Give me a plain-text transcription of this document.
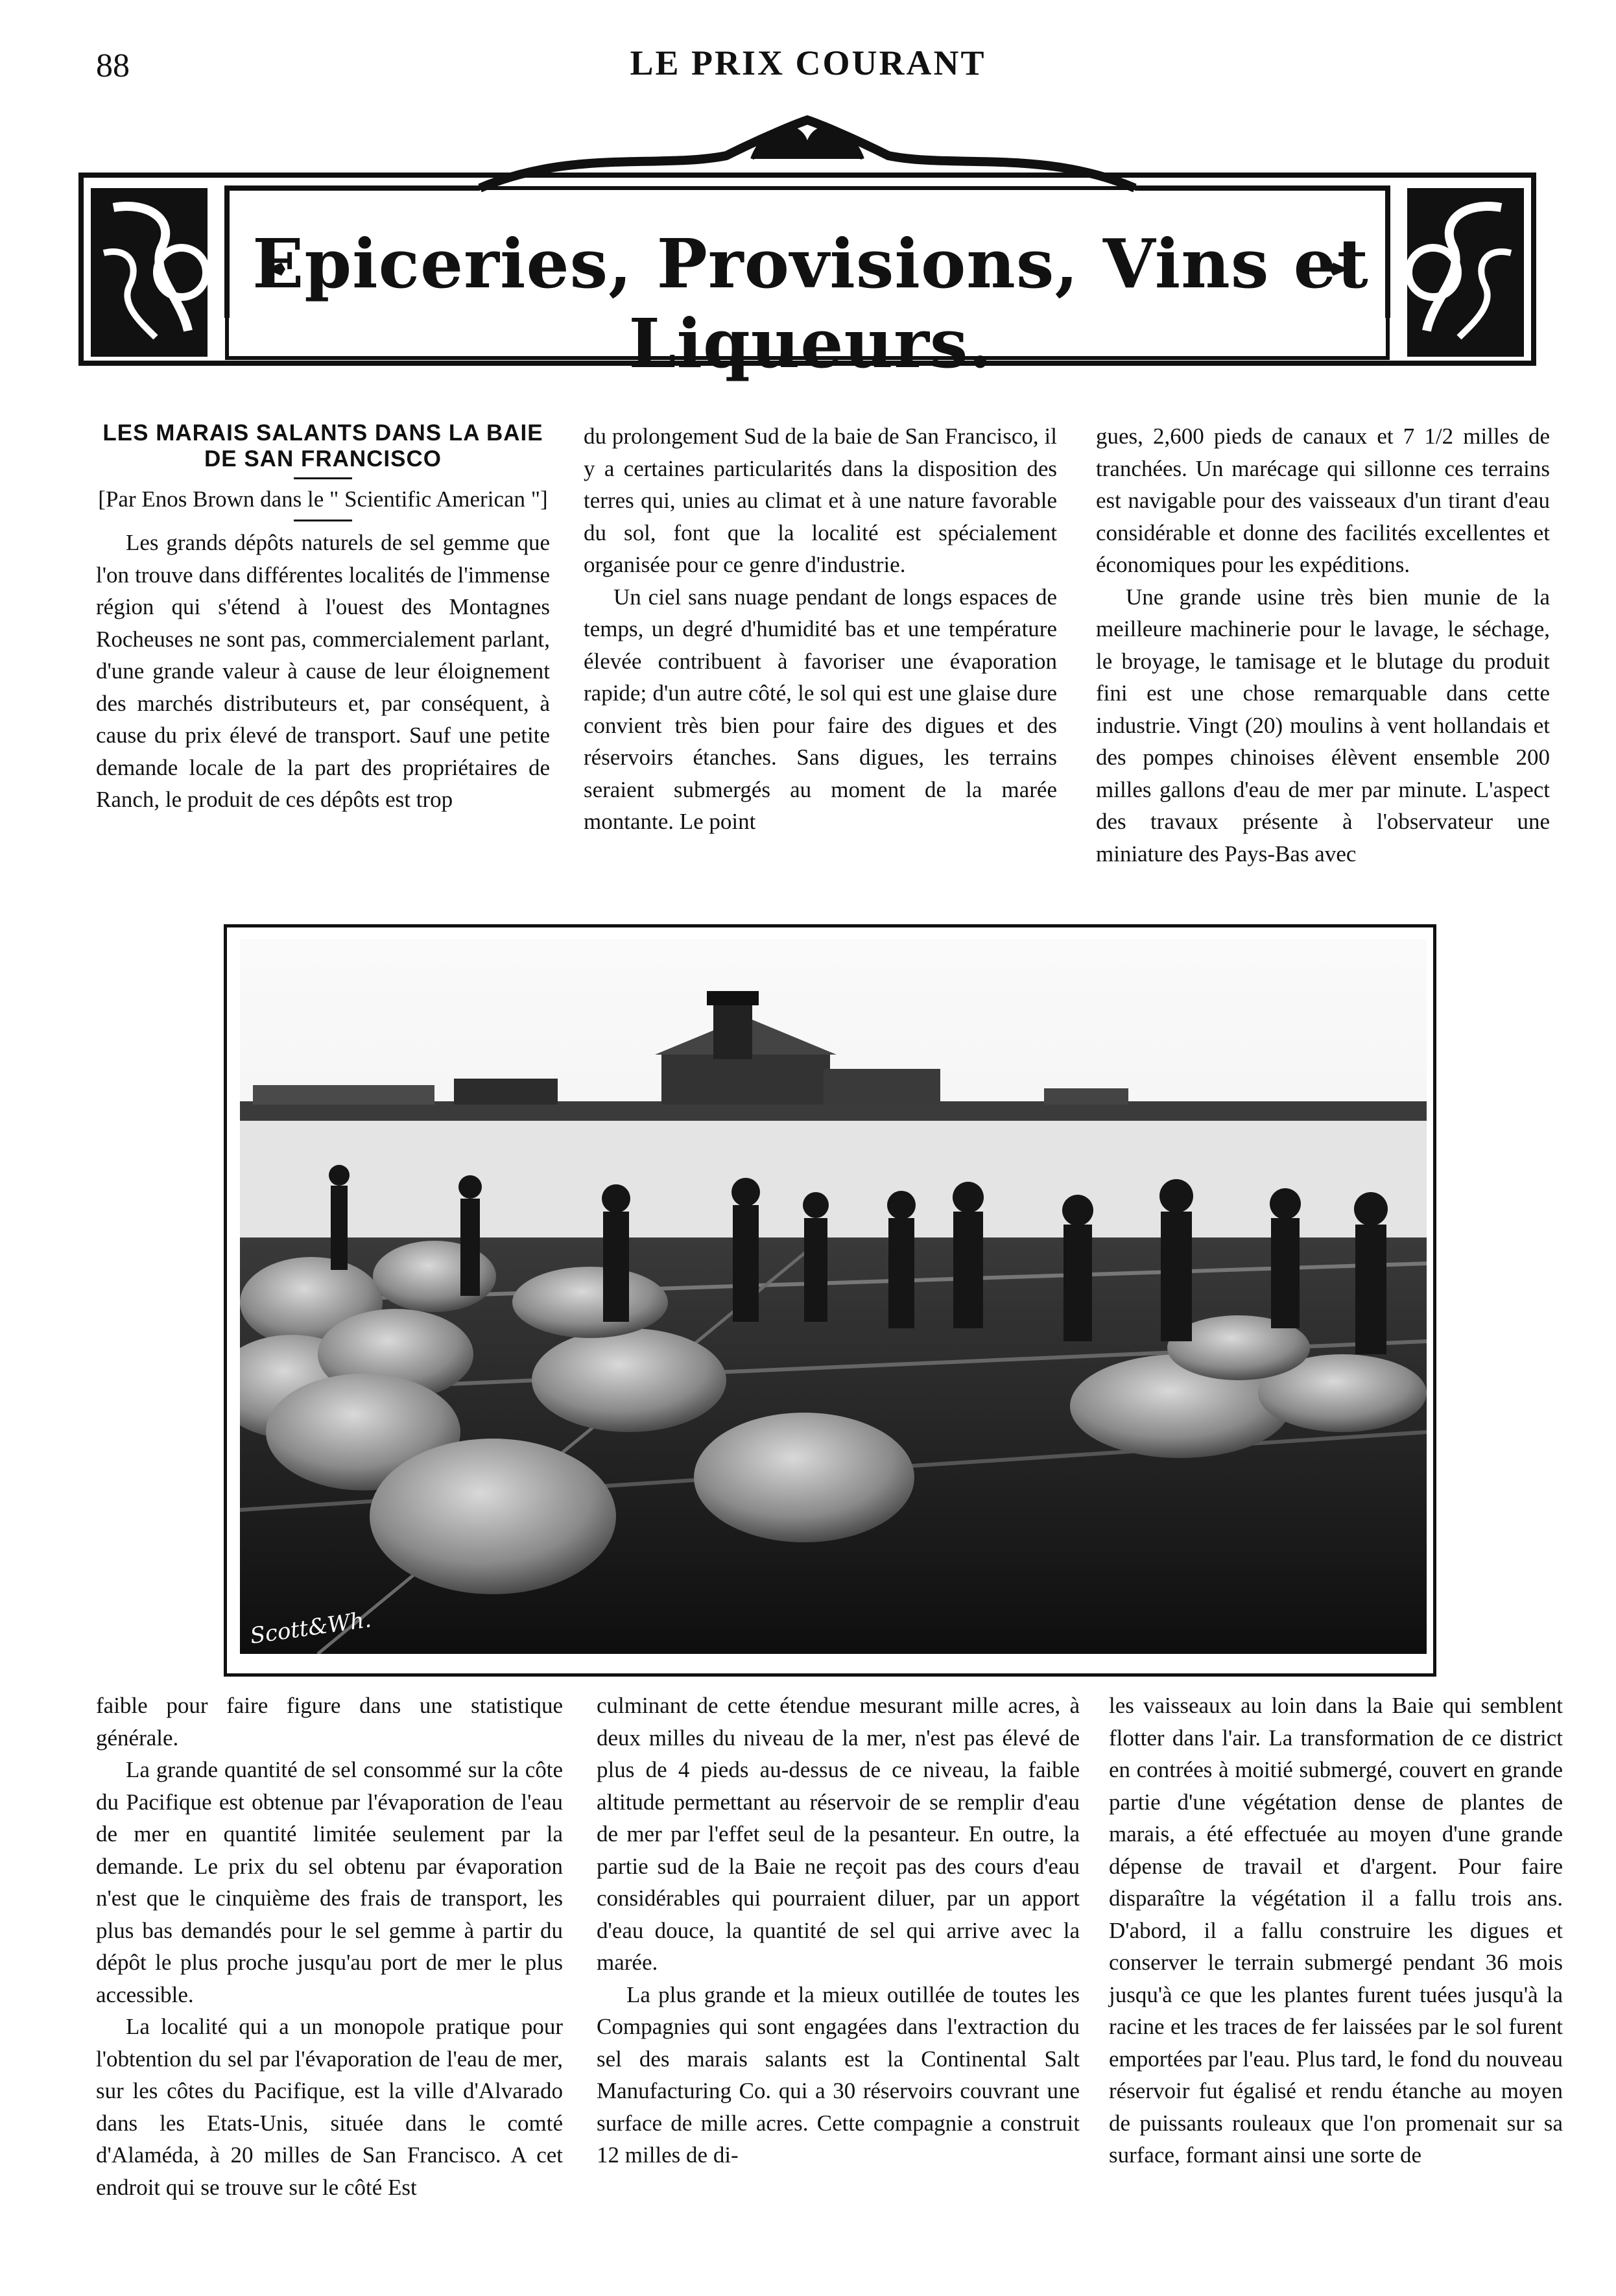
88	LE PRIX COURANT
Epiceries, Provisions, Vins et Liqueurs.
LES MARAIS SALANTS DANS LA BAIE DE SAN FRANCISCO
[Par Enos Brown dans le " Scientific American "]

Les grands dépôts naturels de sel gemme que l'on trouve dans différentes localités de l'immense région qui s'étend à l'ouest des Montagnes Rocheuses ne sont pas, commercialement parlant, d'une grande valeur à cause de leur éloignement des marchés distributeurs et, par conséquent, à cause du prix élevé de transport. Sauf une petite demande locale de la part des propriétaires de Ranch, le produit de ces dépôts est trop

du prolongement Sud de la baie de San Francisco, il y a certaines particularités dans la disposition des terres qui, unies au climat et à une nature favorable du sol, font que la localité est spécialement organisée pour ce genre d'industrie.

Un ciel sans nuage pendant de longs espaces de temps, un degré d'humidité bas et une température élevée contribuent à favoriser une évaporation rapide; d'un autre côté, le sol qui est une glaise dure convient très bien pour faire des digues et des réservoirs étanches. Sans digues, les terrains seraient submergés au moment de la marée montante. Le point

gues, 2,600 pieds de canaux et 7 1/2 milles de tranchées. Un marécage qui sillonne ces terrains est navigable pour des vaisseaux d'un tirant d'eau considérable et donne des facilités excellentes et économiques pour les expéditions.

Une grande usine très bien munie de la meilleure machinerie pour le lavage, le séchage, le broyage, le tamisage et le blutage du produit fini est une chose remarquable dans cette industrie. Vingt (20) moulins à vent hollandais et des pompes chinoises élèvent ensemble 200 milles gallons d'eau de mer par minute. L'aspect des travaux présente à l'observateur une miniature des Pays-Bas avec

Scott&Wh.

faible pour faire figure dans une statistique générale.

La grande quantité de sel consommé sur la côte du Pacifique est obtenue par l'évaporation de l'eau de mer en quantité limitée seulement par la demande. Le prix du sel obtenu par évaporation n'est que le cinquième des frais de transport, les plus bas demandés pour le sel gemme à partir du dépôt le plus proche jusqu'au port de mer le plus accessible.

La localité qui a un monopole pratique pour l'obtention du sel par l'évaporation de l'eau de mer, sur les côtes du Pacifique, est la ville d'Alvarado dans les Etats-Unis, située dans le comté d'Alaméda, à 20 milles de San Francisco. A cet endroit qui se trouve sur le côté Est

culminant de cette étendue mesurant mille acres, à deux milles du niveau de la mer, n'est pas élevé de plus de 4 pieds au-dessus de ce niveau, la faible altitude permettant au réservoir de se remplir d'eau de mer par l'effet seul de la pesanteur. En outre, la partie sud de la Baie ne reçoit pas des cours d'eau considérables qui pourraient diluer, par un apport d'eau douce, la quantité de sel qui arrive avec la marée.

La plus grande et la mieux outillée de toutes les Compagnies qui sont engagées dans l'extraction du sel des marais salants est la Continental Salt Manufacturing Co. qui a 30 réservoirs couvrant une surface de mille acres. Cette compagnie a construit 12 milles de di-

les vaisseaux au loin dans la Baie qui semblent flotter dans l'air. La transformation de ce district en contrées à moitié submergé, couvert en grande partie d'une végétation dense de plantes de marais, a été effectuée au moyen d'une grande dépense de travail et d'argent. Pour faire disparaître la végétation il a fallu trois ans. D'abord, il a fallu construire les digues et conserver le terrain submergé pendant 36 mois jusqu'à ce que les plantes furent tuées jusqu'à la racine et les traces de fer laissées par le sol furent emportées par l'eau. Plus tard, le fond du nouveau réservoir fut égalisé et rendu étanche au moyen de puissants rouleaux que l'on promenait sur sa surface, formant ainsi une sorte de
